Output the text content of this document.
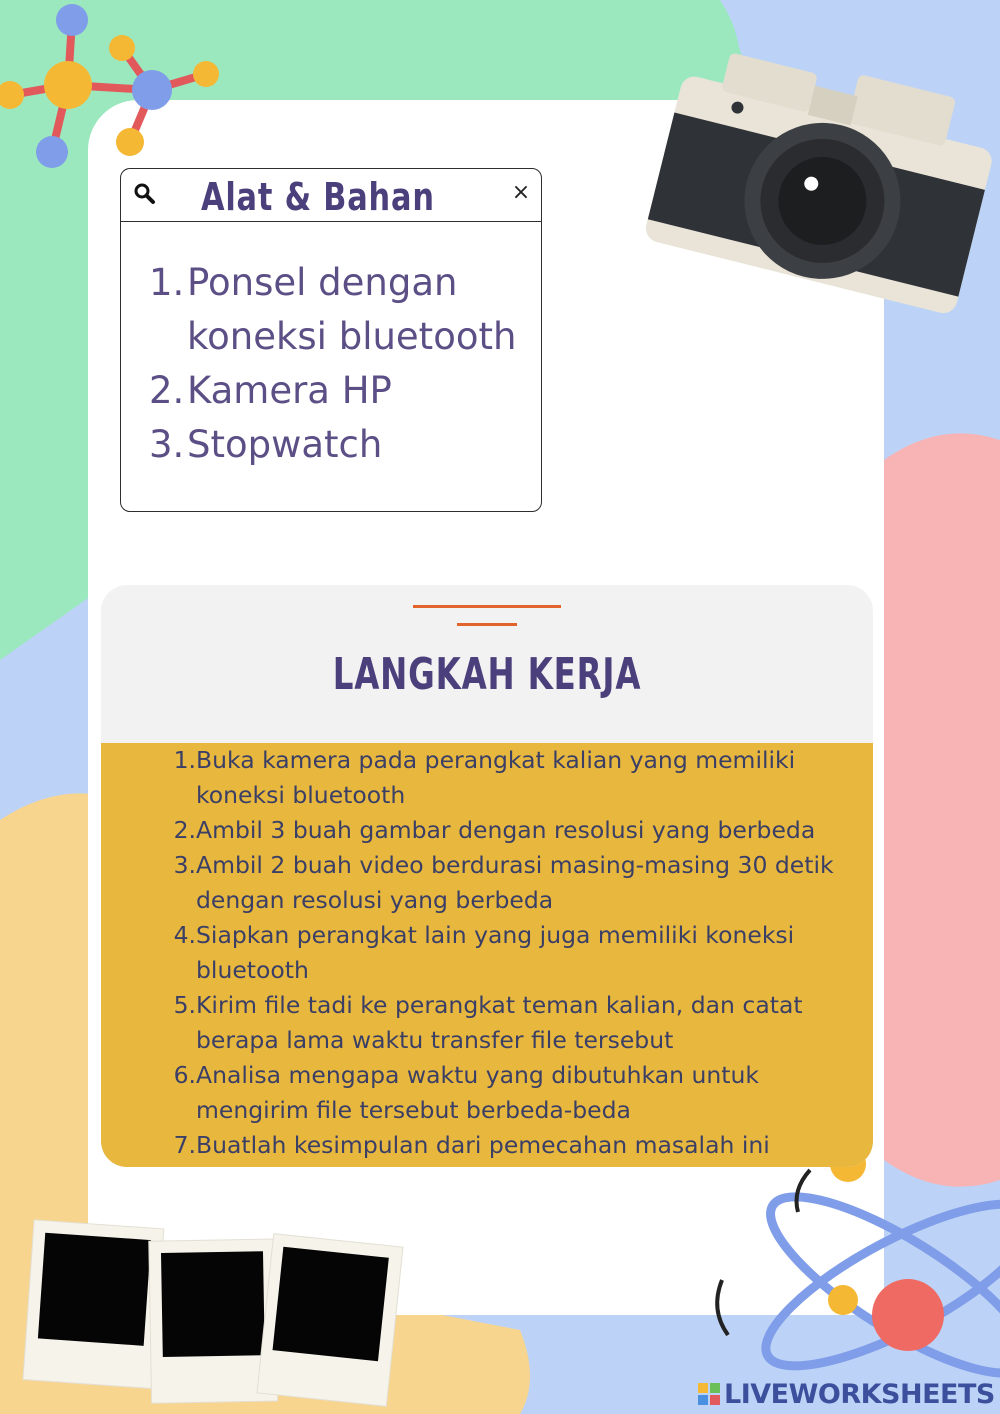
Alat & Bahan	×
1. Ponsel dengan koneksi bluetooth
2. Kamera HP
3. Stopwatch
LANGKAH KERJA
1. Buka kamera pada perangkat kalian yang memiliki koneksi bluetooth
2. Ambil 3 buah gambar dengan resolusi yang berbeda
3. Ambil 2 buah video berdurasi masing-masing 30 detik dengan resolusi yang berbeda
4. Siapkan perangkat lain yang juga memiliki koneksi bluetooth
5. Kirim file tadi ke perangkat teman kalian, dan catat berapa lama waktu transfer file tersebut
6. Analisa mengapa waktu yang dibutuhkan untuk mengirim file tersebut berbeda-beda
7. Buatlah kesimpulan dari pemecahan masalah ini
LIVEWORKSHEETS
